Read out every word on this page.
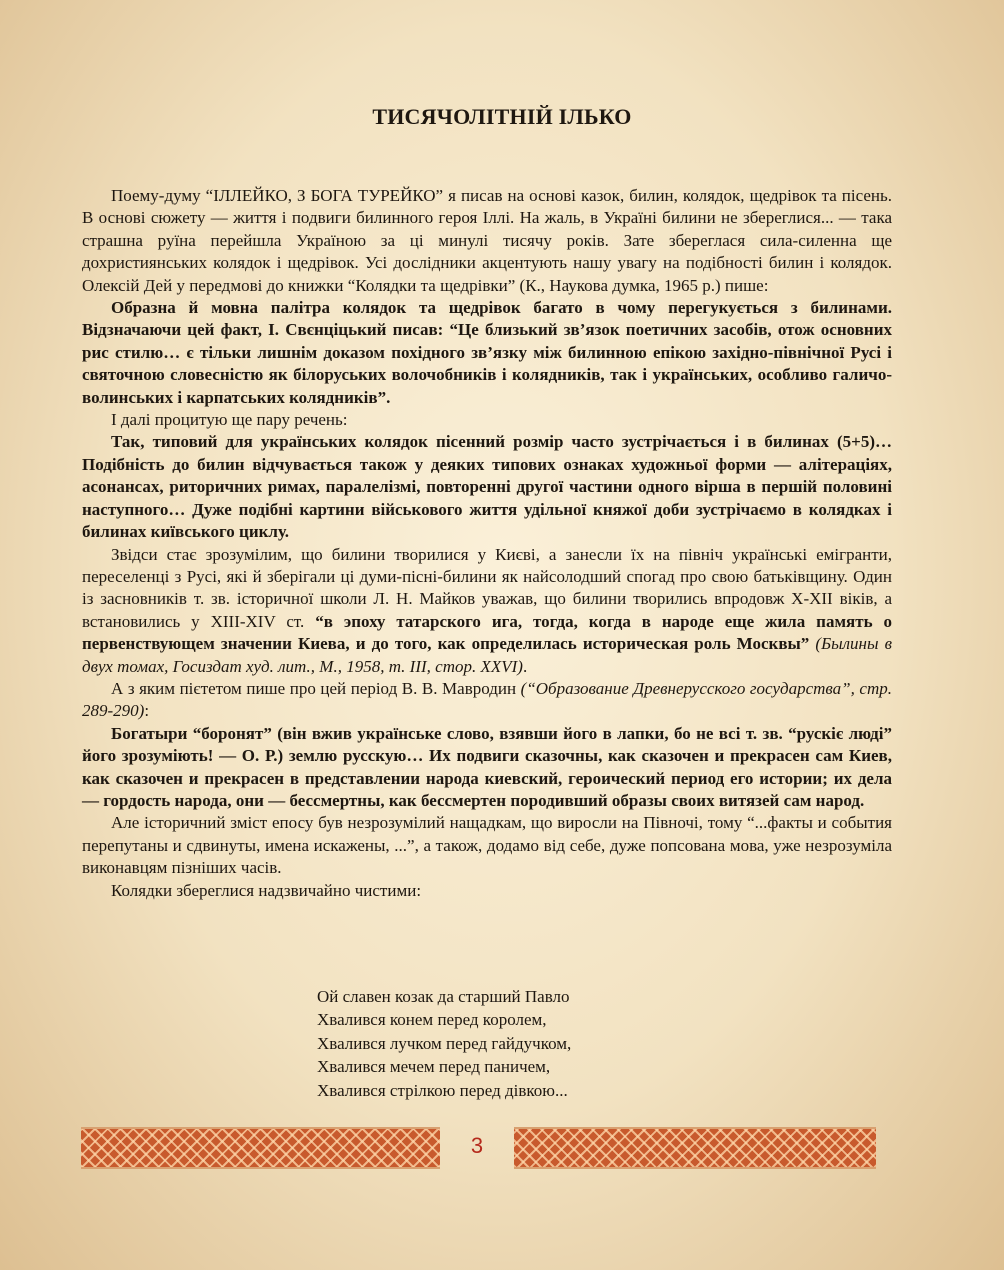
ТИСЯЧОЛІТНІЙ ІЛЬКО

Поему-думу “ІЛЛЕЙКО, З БОГА ТУРЕЙКО” я писав на основі казок, билин, колядок, щедрівок та пісень. В основі сюжету — життя і подвиги билинного героя Іллі. На жаль, в Україні билини не збереглися... — така страшна руїна перейшла Україною за ці минулі тисячу років. Зате збереглася сила-силенна ще дохристиянських колядок і щедрівок. Усі дослідники акцентують нашу увагу на подібності билин і колядок. Олексій Дей у передмові до книжки “Колядки та щедрівки” (К., Наукова думка, 1965 р.) пише:

Образна й мовна палітра колядок та щедрівок багато в чому перегукується з билинами. Відзначаючи цей факт, І. Свєнціцький писав: “Це близький зв’язок поетичних засобів, отож основних рис стилю… є тільки лишнім доказом похідного зв’язку між билинною епікою західно-північної Русі і святочною словесністю як білоруських волочобників і колядників, так і українських, особливо галичо-волинських і карпатських колядників”.

І далі процитую ще пару речень:

Так, типовий для українських колядок пісенний розмір часто зустрічається і в билинах (5+5)… Подібність до билин відчувається також у деяких типових ознаках художньої форми — алітераціях, асонансах, риторичних римах, паралелізмі, повторенні другої частини одного вірша в першій половині наступного… Дуже подібні картини військового життя удільної княжої доби зустрічаємо в колядках і билинах київського циклу.

Звідси стає зрозумілим, що билини творилися у Києві, а занесли їх на північ українські емігранти, переселенці з Русі, які й зберігали ці думи-пісні-билини як найсолодший спогад про свою батьківщину. Один із засновників т. зв. історичної школи Л. Н. Майков уважав, що билини творились впродовж X-XII віків, а встановились у XIII-XIV ст. “в эпоху татарского ига, тогда, когда в народе еще жила память о первенствующем значении Киева, и до того, как определилась историческая роль Москвы” (Былины в двух томах, Госиздат худ. лит., М., 1958, т. ІІІ, стор. XXVI).

А з яким пієтетом пише про цей період В. В. Мавродин (“Образование Древнерусского государства”, стр. 289-290):

Богатыри “боронят” (він вжив українське слово, взявши його в лапки, бо не всі т. зв. “рускіє люді” його зрозуміють! — О. Р.) землю русскую… Их подвиги сказочны, как сказочен и прекрасен сам Киев, как сказочен и прекрасен в представлении народа киевский, героический период его истории; их дела — гордость народа, они — бессмертны, как бессмертен породивший образы своих витязей сам народ.

Але історичний зміст епосу був незрозумілий нащадкам, що виросли на Півночі, тому “...факты и события перепутаны и сдвинуты, имена искажены, ...”, а також, додамо від себе, дуже попсована мова, уже незрозуміла виконавцям пізніших часів.

Колядки збереглися надзвичайно чистими:

Ой славен козак да старший Павло
Хвалився конем перед королем,
Хвалився лучком перед гайдучком,
Хвалився мечем перед паничем,
Хвалився стрілкою перед дівкою...
3
